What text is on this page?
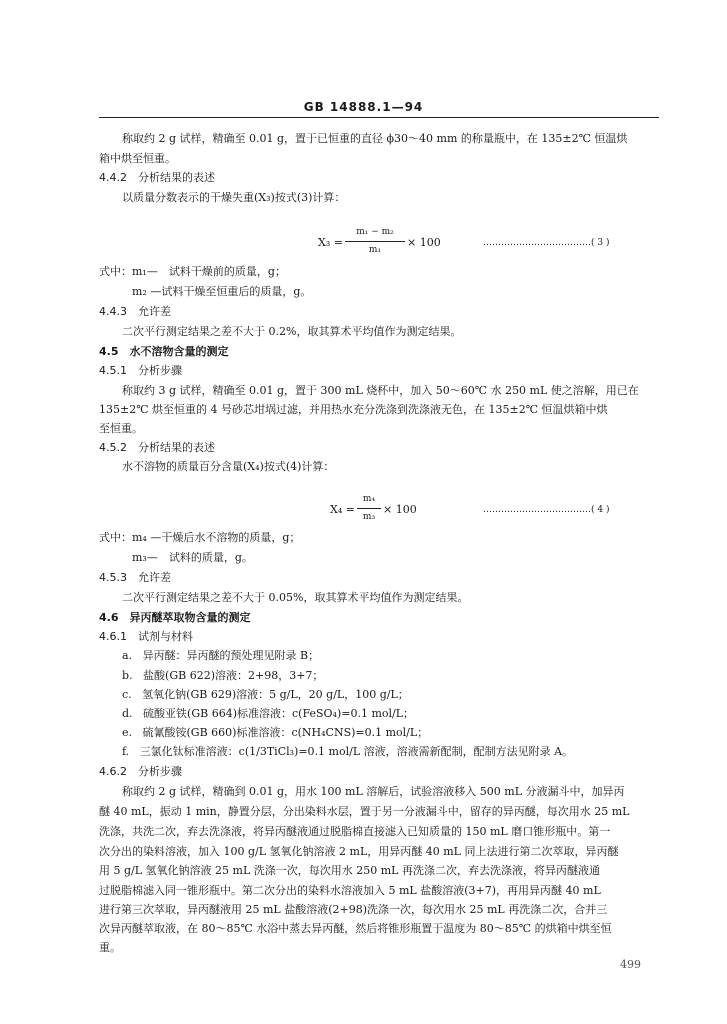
GB 14888.1—94
称取约 2 g 试样，精确至 0.01 g，置于已恒重的直径 ϕ30～40 mm 的称量瓶中，在 135±2℃ 恒温烘
箱中烘至恒重。
4.4.2　分析结果的表述
以质量分数表示的干燥失重(X₃)按式(3)计算：
X₃ =
m₁ − m₂
m₁
× 100	………………………………( 3 )
式中：m₁—　试料干燥前的质量，g；
m₂ —试料干燥至恒重后的质量，g。
4.4.3　允许差
二次平行测定结果之差不大于 0.2%，取其算术平均值作为测定结果。
4.5　水不溶物含量的测定
4.5.1　分析步骤
称取约 3 g 试样，精确至 0.01 g，置于 300 mL 烧杯中，加入 50～60℃ 水 250 mL 使之溶解，用已在
135±2℃ 烘至恒重的 4 号砂芯坩埚过滤，并用热水充分洗涤到洗涤液无色，在 135±2℃ 恒温烘箱中烘
至恒重。
4.5.2　分析结果的表述
水不溶物的质量百分含量(X₄)按式(4)计算：
X₄ =
m₄
m₃
× 100	………………………………( 4 )
式中：m₄ —干燥后水不溶物的质量，g；
m₃—　试料的质量，g。
4.5.3　允许差
二次平行测定结果之差不大于 0.05%，取其算术平均值作为测定结果。
4.6　异丙醚萃取物含量的测定
4.6.1　试剂与材料
a. 异丙醚：异丙醚的预处理见附录 B；
b. 盐酸(GB 622)溶液：2+98，3+7；
c. 氢氧化钠(GB 629)溶液：5 g/L，20 g/L，100 g/L；
d. 硫酸亚铁(GB 664)标准溶液：c(FeSO₄)=0.1 mol/L；
e. 硫氰酸铵(GB 660)标准溶液：c(NH₄CNS)=0.1 mol/L；
f. 三氯化钛标准溶液：c(1/3TiCl₃)=0.1 mol/L 溶液，溶液需新配制，配制方法见附录 A。
4.6.2　分析步骤
称取约 2 g 试样，精确到 0.01 g，用水 100 mL 溶解后，试验溶液移入 500 mL 分液漏斗中，加异丙
醚 40 mL，振动 1 min，静置分层，分出染料水层，置于另一分液漏斗中，留存的异丙醚，每次用水 25 mL
洗涤，共洗二次，弃去洗涤液，将异丙醚液通过脱脂棉直接滤入已知质量的 150 mL 磨口锥形瓶中。第一
次分出的染料溶液，加入 100 g/L 氢氧化钠溶液 2 mL，用异丙醚 40 mL 同上法进行第二次萃取，异丙醚
用 5 g/L 氢氧化钠溶液 25 mL 洗涤一次，每次用水 250 mL 再洗涤二次，弃去洗涤液，将异丙醚液通
过脱脂棉滤入同一锥形瓶中。第二次分出的染料水溶液加入 5 mL 盐酸溶液(3+7)，再用异丙醚 40 mL
进行第三次萃取，异丙醚液用 25 mL 盐酸溶液(2+98)洗涤一次，每次用水 25 mL 再洗涤二次，合并三
次异丙醚萃取液，在 80～85℃ 水浴中蒸去异丙醚，然后将锥形瓶置于温度为 80～85℃ 的烘箱中烘至恒
重。
499
